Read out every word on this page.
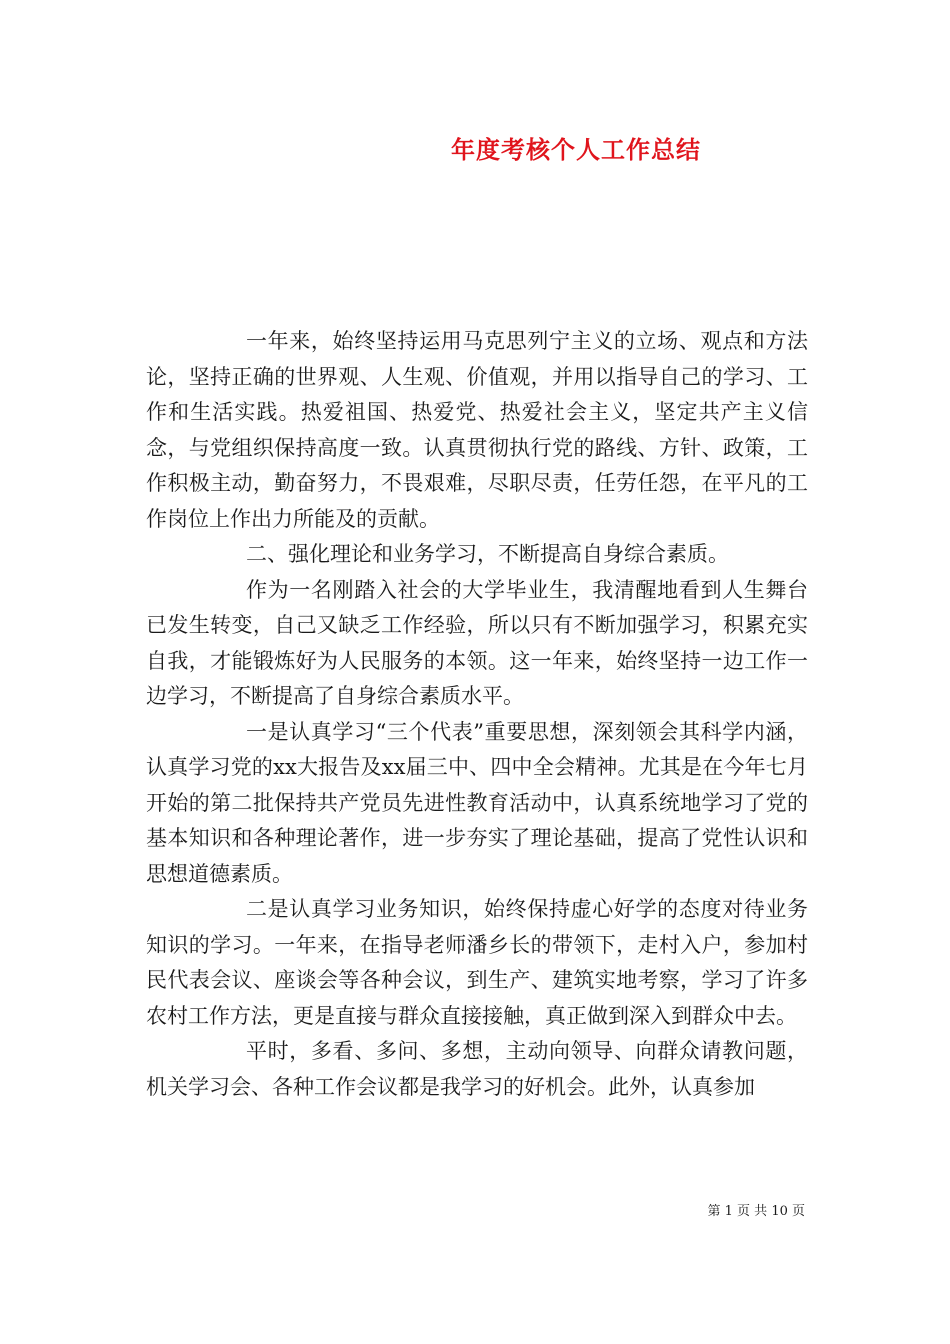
年度考核个人工作总结

一年来，始终坚持运用马克思列宁主义的立场、观点和方法论，坚持正确的世界观、人生观、价值观，并用以指导自己的学习、工作和生活实践。热爱祖国、热爱党、热爱社会主义，坚定共产主义信念，与党组织保持高度一致。认真贯彻执行党的路线、方针、政策，工作积极主动，勤奋努力，不畏艰难，尽职尽责，任劳任怨，在平凡的工作岗位上作出力所能及的贡献。

二、强化理论和业务学习，不断提高自身综合素质。

作为一名刚踏入社会的大学毕业生，我清醒地看到人生舞台已发生转变，自己又缺乏工作经验，所以只有不断加强学习，积累充实自我，才能锻炼好为人民服务的本领。这一年来，始终坚持一边工作一边学习，不断提高了自身综合素质水平。

一是认真学习“三个代表”重要思想，深刻领会其科学内涵，认真学习党的xx大报告及xx届三中、四中全会精神。尤其是在今年七月开始的第二批保持共产党员先进性教育活动中，认真系统地学习了党的基本知识和各种理论著作，进一步夯实了理论基础，提高了党性认识和思想道德素质。

二是认真学习业务知识，始终保持虚心好学的态度对待业务知识的学习。一年来，在指导老师潘乡长的带领下，走村入户，参加村民代表会议、座谈会等各种会议，到生产、建筑实地考察，学习了许多农村工作方法，更是直接与群众直接接触，真正做到深入到群众中去。

平时，多看、多问、多想，主动向领导、向群众请教问题，机关学习会、各种工作会议都是我学习的好机会。此外，认真参加

第 1 页 共 10 页
